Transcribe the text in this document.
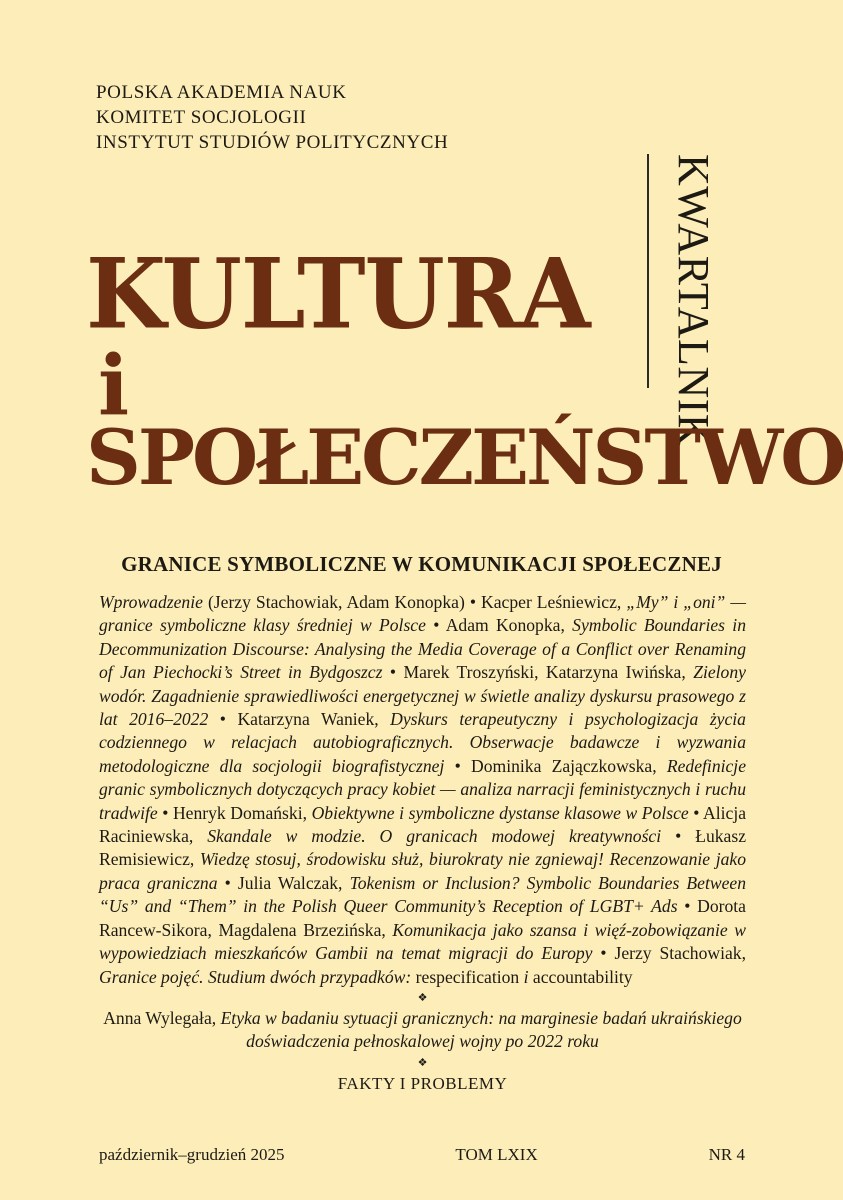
POLSKA AKADEMIA NAUK
KOMITET SOCJOLOGII
INSTYTUT STUDIÓW POLITYCZNYCH
KWARTALNIK
KULTURA
i
SPOŁECZEŃSTWO
GRANICE SYMBOLICZNE W KOMUNIKACJI SPOŁECZNEJ
Wprowadzenie (Jerzy Stachowiak, Adam Konopka) • Kacper Leśniewicz, „My” i „oni” — granice symboliczne klasy średniej w Polsce • Adam Konopka, Symbolic Boundaries in Decommunization Discourse: Analysing the Media Coverage of a Conflict over Renaming of Jan Piechocki’s Street in Bydgoszcz • Marek Troszyński, Katarzyna Iwińska, Zielony wodór. Zagadnienie sprawiedliwości energetycznej w świetle analizy dyskursu prasowego z lat 2016–2022 • Katarzyna Waniek, Dyskurs terapeutyczny i psychologizacja życia codziennego w relacjach autobiograficznych. Obserwacje badawcze i wyzwania metodologiczne dla socjologii biografistycznej • Dominika Zajączkowska, Redefinicje granic symbolicznych dotyczących pracy kobiet — analiza narracji feministycznych i ruchu tradwife • Henryk Domański, Obiektywne i symboliczne dystanse klasowe w Polsce • Alicja Raciniewska, Skandale w modzie. O granicach modowej kreatywności • Łukasz Remisiewicz, Wiedzę stosuj, środowisku służ, biurokraty nie zgniewaj! Recenzowanie jako praca graniczna • Julia Walczak, Tokenism or Inclusion? Symbolic Boundaries Between “Us” and “Them” in the Polish Queer Community’s Reception of LGBT+ Ads • Dorota Rancew-Sikora, Magdalena Brzezińska, Komunikacja jako szansa i więź-zobowiązanie w wypowiedziach mieszkańców Gambii na temat migracji do Europy • Jerzy Stachowiak, Granice pojęć. Studium dwóch przypadków: respecification i accountability
❖
Anna Wylegała, Etyka w badaniu sytuacji granicznych: na marginesie badań ukraińskiego doświadczenia pełnoskalowej wojny po 2022 roku
❖
FAKTY I PROBLEMY
październik–grudzień 2025	TOM LXIX	NR 4
